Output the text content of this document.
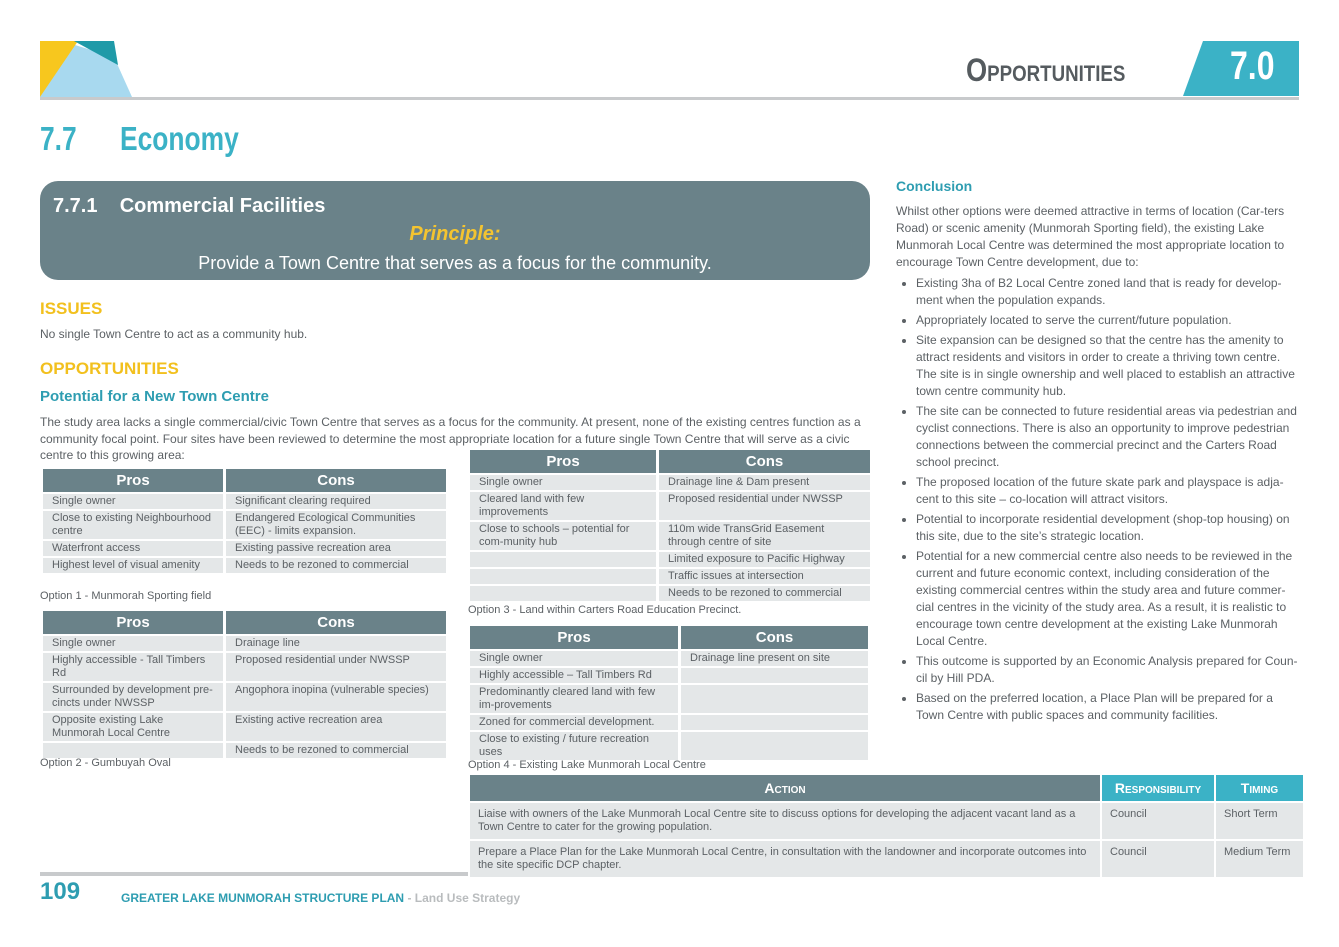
Opportunities	7.0
7.7 Economy
7.7.1    Commercial Facilities
Principle:
Provide a Town Centre that serves as a focus for the community.
ISSUES
No single Town Centre to act as a community hub.
OPPORTUNITIES
Potential for a New Town Centre
The study area lacks a single commercial/civic Town Centre that serves as a focus for the community. At present, none of the existing centres function as a community focal point. Four sites have been reviewed to determine the most appropriate location for a future single Town Centre that will serve as a civic centre to this growing area:
Pros	Cons
Single owner	Significant clearing required
Close to existing Neighbourhood centre	Endangered Ecological Communities (EEC) - limits expansion.
Waterfront access	Existing passive recreation area
Highest level of visual amenity	Needs to be rezoned to commercial
Option 1 - Munmorah Sporting field
Pros	Cons
Single owner	Drainage line
Highly accessible - Tall Timbers Rd	Proposed residential under NWSSP
Surrounded by development pre-cincts under NWSSP	Angophora inopina (vulnerable species)
Opposite existing Lake Munmorah Local Centre	Existing active recreation area
	Needs to be rezoned to commercial
Option 2 - Gumbuyah Oval
Pros	Cons
Single owner	Drainage line & Dam present
Cleared land with few improvements	Proposed residential under NWSSP
Close to schools – potential for com-munity hub	110m wide TransGrid Easement through centre of site
	Limited exposure to Pacific Highway
	Traffic issues at intersection
	Needs to be rezoned to commercial
Option 3 - Land within Carters Road Education Precinct.
Pros	Cons
Single owner	Drainage line present on site
Highly accessible – Tall Timbers Rd	
Predominantly cleared land with few im-provements	
Zoned for commercial development.	
Close to existing / future recreation uses	
Option 4 - Existing Lake Munmorah Local Centre
Action	Responsibility	Timing
Liaise with owners of the Lake Munmorah Local Centre site to discuss options for developing the adjacent vacant land as a Town Centre to cater for the growing population.	Council	Short Term
Prepare a Place Plan for the Lake Munmorah Local Centre, in consultation with the landowner and incorporate outcomes into the site specific DCP chapter.	Council	Medium Term
Conclusion
Whilst other options were deemed attractive in terms of location (Car-ters Road) or scenic amenity (Munmorah Sporting field), the existing Lake Munmorah Local Centre was determined the most appropriate location to encourage Town Centre development, due to:
• Existing 3ha of B2 Local Centre zoned land that is ready for develop-ment when the population expands.
• Appropriately located to serve the current/future population.
• Site expansion can be designed so that the centre has the amenity to attract residents and visitors in order to create a thriving town centre. The site is in single ownership and well placed to establish an attractive town centre community hub.
• The site can be connected to future residential areas via pedestrian and cyclist connections. There is also an opportunity to improve pedestrian connections between the commercial precinct and the Carters Road school precinct.
• The proposed location of the future skate park and playspace is adja-cent to this site – co-location will attract visitors.
• Potential to incorporate residential development (shop-top housing) on this site, due to the site’s strategic location.
• Potential for a new commercial centre also needs to be reviewed in the current and future economic context, including consideration of the existing commercial centres within the study area and future commer-cial centres in the vicinity of the study area. As a result, it is realistic to encourage town centre development at the existing Lake Munmorah Local Centre.
• This outcome is supported by an Economic Analysis prepared for Coun-cil by Hill PDA.
• Based on the preferred location, a Place Plan will be prepared for a Town Centre with public spaces and community facilities.
109	GREATER LAKE MUNMORAH STRUCTURE PLAN - Land Use Strategy
